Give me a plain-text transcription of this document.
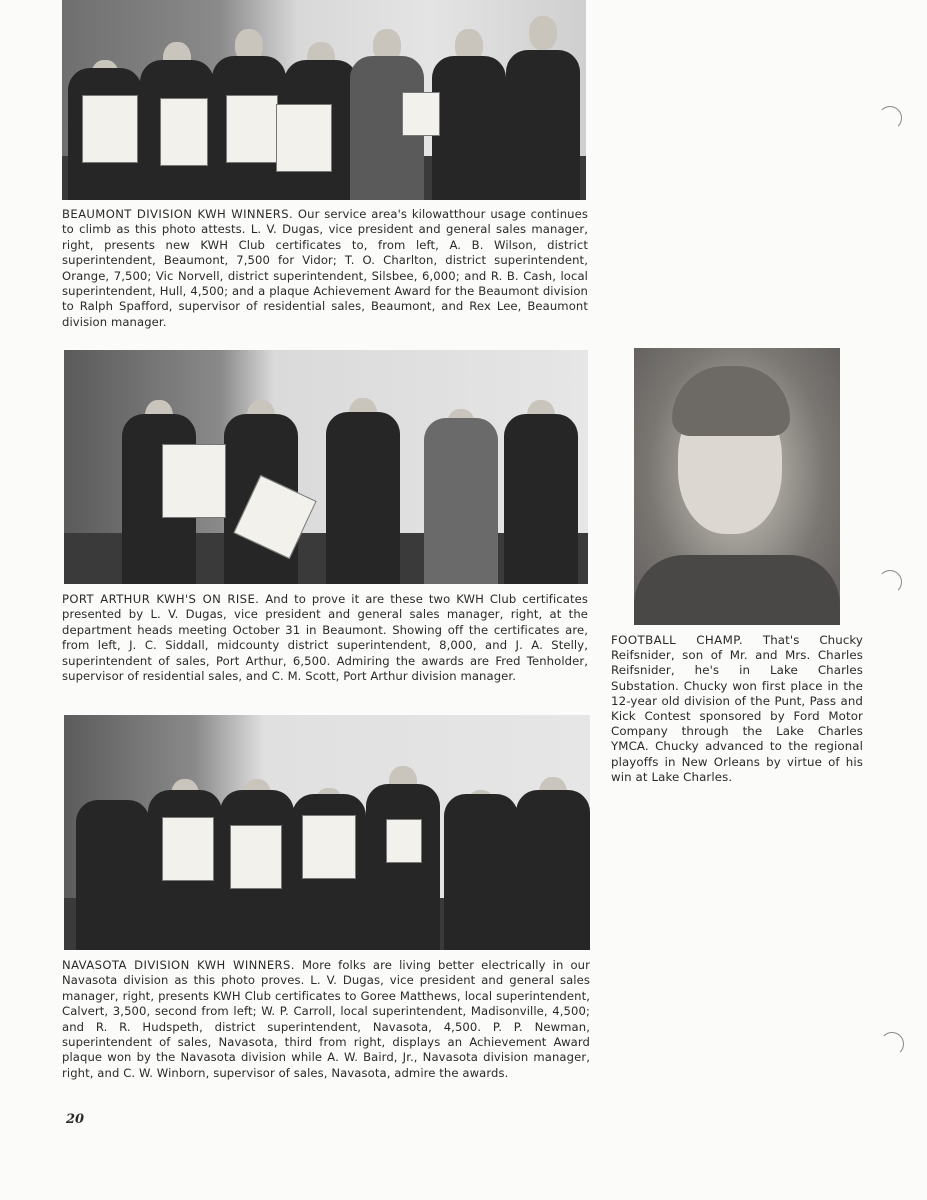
BEAUMONT DIVISION KWH WINNERS. Our service area's kilowatthour usage continues to climb as this photo attests. L. V. Dugas, vice president and general sales manager, right, presents new KWH Club certificates to, from left, A. B. Wilson, district superintendent, Beaumont, 7,500 for Vidor; T. O. Charlton, district superintendent, Orange, 7,500; Vic Norvell, district superintendent, Silsbee, 6,000; and R. B. Cash, local superintendent, Hull, 4,500; and a plaque Achievement Award for the Beaumont division to Ralph Spafford, supervisor of residential sales, Beaumont, and Rex Lee, Beaumont division manager.

PORT ARTHUR KWH'S ON RISE. And to prove it are these two KWH Club certificates presented by L. V. Dugas, vice president and general sales manager, right, at the department heads meeting October 31 in Beaumont. Showing off the certificates are, from left, J. C. Siddall, midcounty district superintendent, 8,000, and J. A. Stelly, superintendent of sales, Port Arthur, 6,500. Admiring the awards are Fred Tenholder, supervisor of residential sales, and C. M. Scott, Port Arthur division manager.

NAVASOTA DIVISION KWH WINNERS. More folks are living better electrically in our Navasota division as this photo proves. L. V. Dugas, vice president and general sales manager, right, presents KWH Club certificates to Goree Matthews, local superintendent, Calvert, 3,500, second from left; W. P. Carroll, local superintendent, Madisonville, 4,500; and R. R. Hudspeth, district superintendent, Navasota, 4,500. P. P. Newman, superintendent of sales, Navasota, third from right, displays an Achievement Award plaque won by the Navasota division while A. W. Baird, Jr., Navasota division manager, right, and C. W. Winborn, supervisor of sales, Navasota, admire the awards.

FOOTBALL CHAMP. That's Chucky Reifsnider, son of Mr. and Mrs. Charles Reifsnider, he's in Lake Charles Substation. Chucky won first place in the 12-year old division of the Punt, Pass and Kick Contest sponsored by Ford Motor Company through the Lake Charles YMCA. Chucky advanced to the regional playoffs in New Orleans by virtue of his win at Lake Charles.

20
